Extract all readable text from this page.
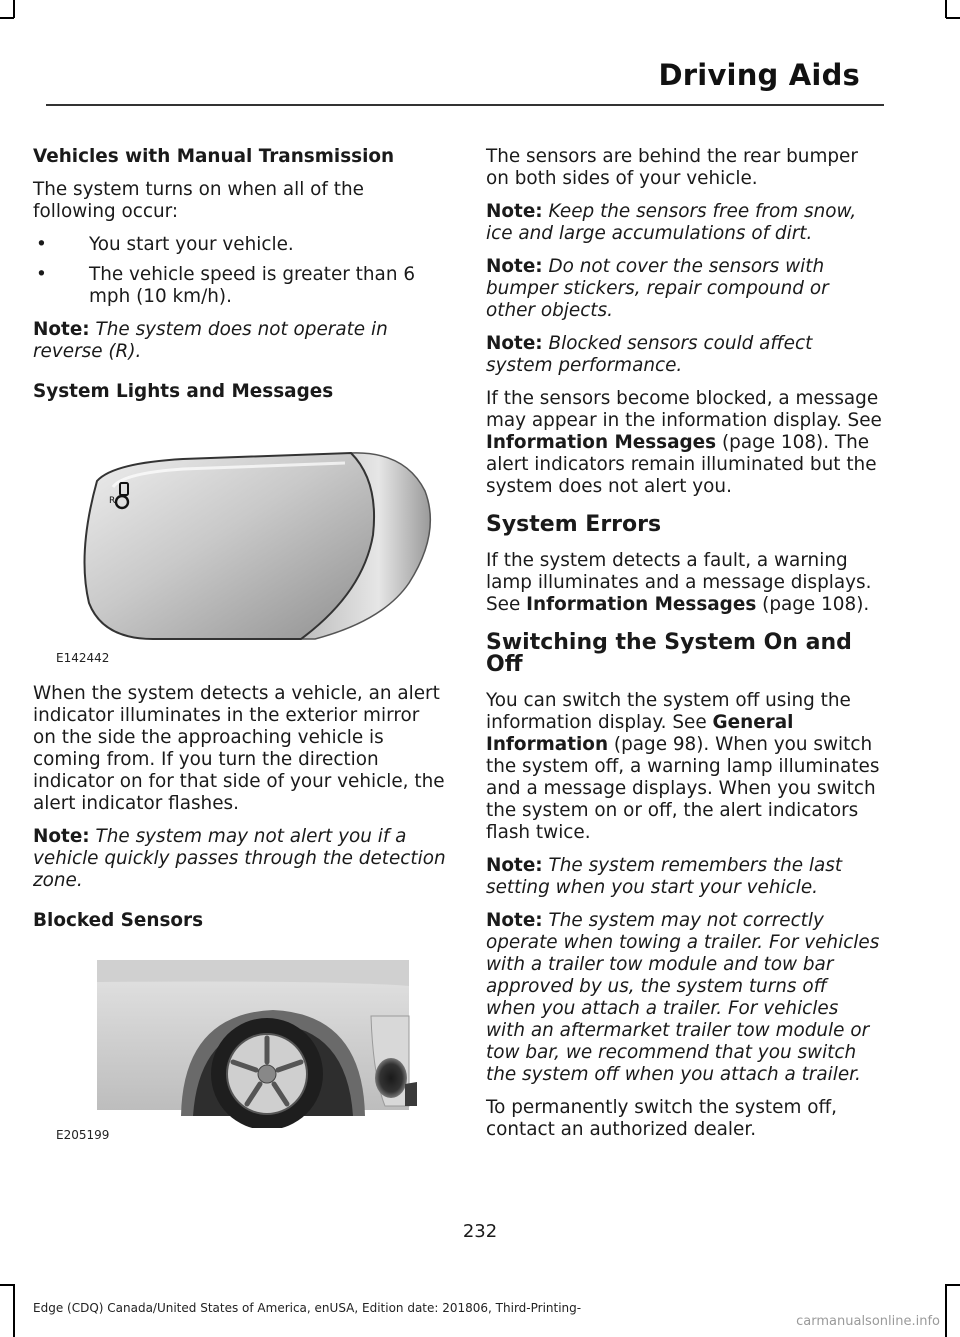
Driving Aids
Vehicles with Manual Transmission

The system turns on when all of the following occur:

• You start your vehicle.
• The vehicle speed is greater than 6 mph (10 km/h).

Note: The system does not operate in reverse (R).

System Lights and Messages
R
E142442

When the system detects a vehicle, an alert indicator illuminates in the exterior mirror on the side the approaching vehicle is coming from. If you turn the direction indicator on for that side of your vehicle, the alert indicator flashes.

Note: The system may not alert you if a vehicle quickly passes through the detection zone.

Blocked Sensors
E205199

The sensors are behind the rear bumper on both sides of your vehicle.

Note: Keep the sensors free from snow, ice and large accumulations of dirt.

Note: Do not cover the sensors with bumper stickers, repair compound or other objects.

Note: Blocked sensors could affect system performance.

If the sensors become blocked, a message may appear in the information display. See Information Messages (page 108). The alert indicators remain illuminated but the system does not alert you.

System Errors

If the system detects a fault, a warning lamp illuminates and a message displays. See Information Messages (page 108).

Switching the System On and Off

You can switch the system off using the information display. See General Information (page 98). When you switch the system off, a warning lamp illuminates and a message displays. When you switch the system on or off, the alert indicators flash twice.

Note: The system remembers the last setting when you start your vehicle.

Note: The system may not correctly operate when towing a trailer. For vehicles with a trailer tow module and tow bar approved by us, the system turns off when you attach a trailer. For vehicles with an aftermarket trailer tow module or tow bar, we recommend that you switch the system off when you attach a trailer.

To permanently switch the system off, contact an authorized dealer.

232
Edge (CDQ) Canada/United States of America, enUSA, Edition date: 201806, Third-Printing-
carmanualsonline.info
